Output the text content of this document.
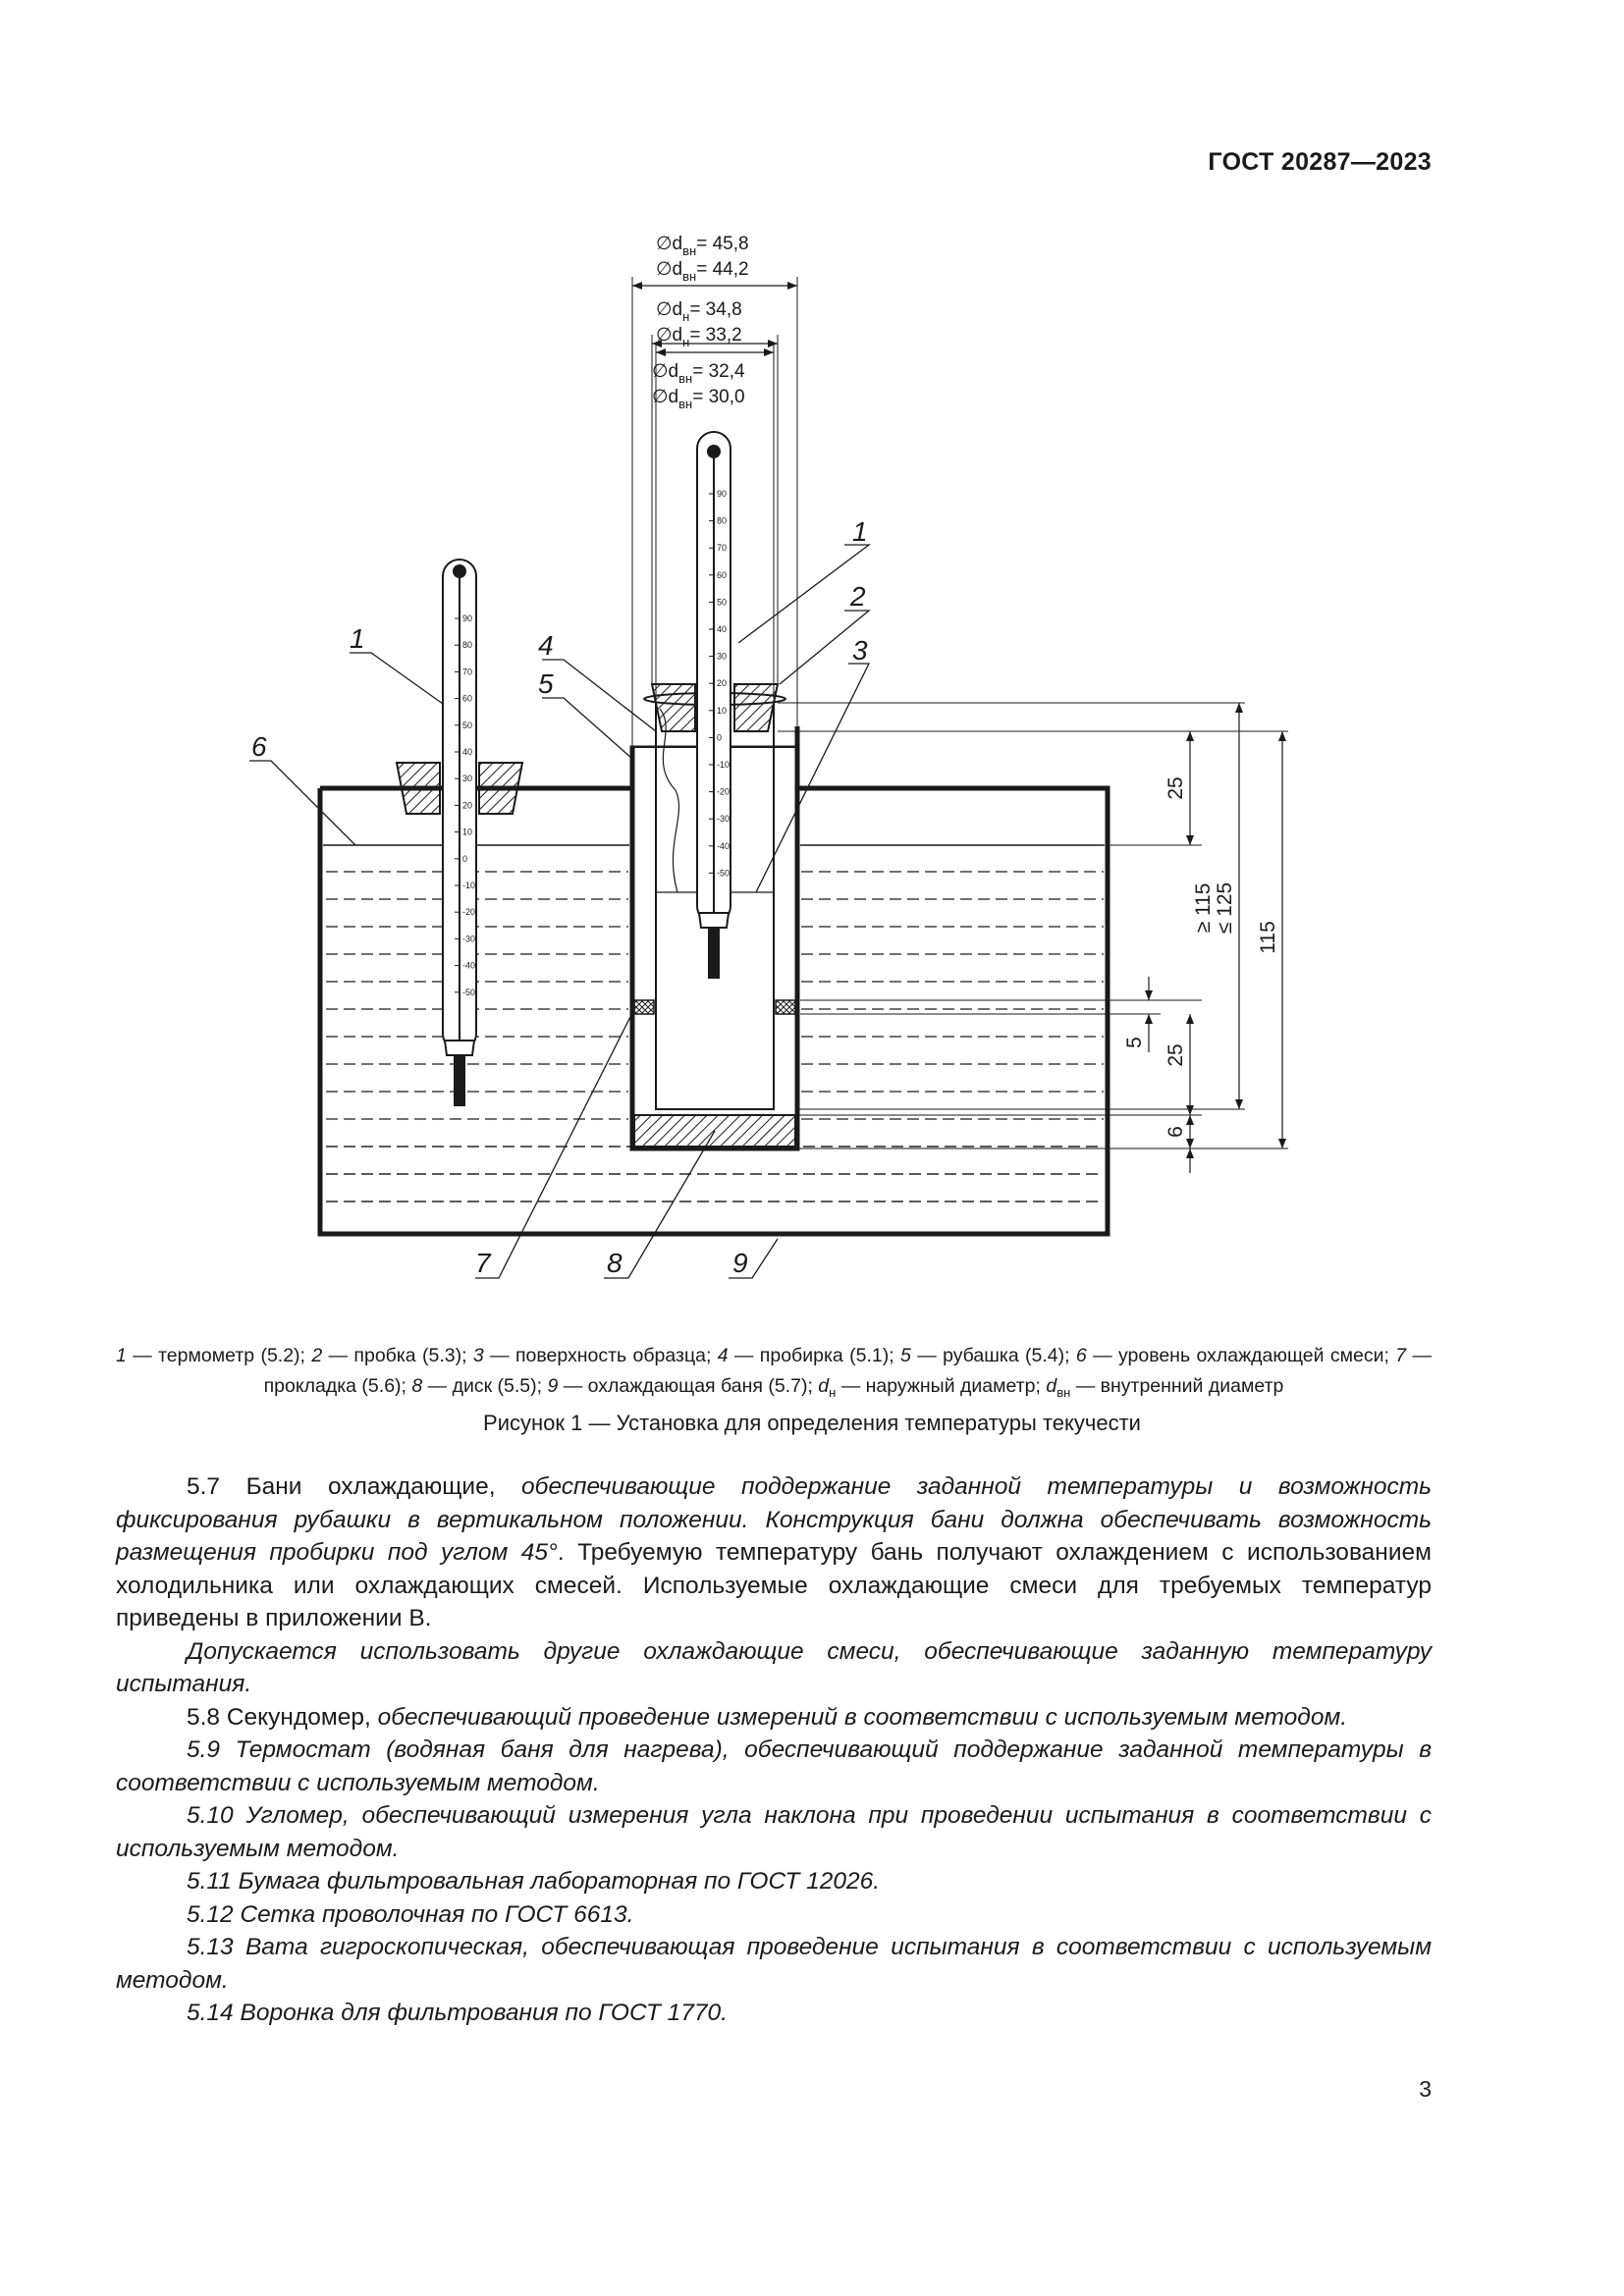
ГОСТ 20287—2023
90
80
70
60
50
40
30
20
10
0
-10
-20
-30
-40
-50
90
80
70
60
50
40
30
20
10
0
-10
-20
-30
-40
-50
$\emptyset d_{вн}= 45,8$
$\emptyset d_{вн}= 44,2$
$\emptyset d_н= 34,8$
$\emptyset d_н= 33,2$
$\emptyset d_{вн}= 32,4$
$\emptyset d_{вн}= 30,0$
25
≥ 115 ≤ 125
115
5
25
6
1
2
3
4
5
6
1
7	8	9
1 — термометр (5.2); 2 — пробка (5.3); 3 — поверхность образца; 4 — пробирка (5.1); 5 — рубашка (5.4); 6 — уровень охлаждающей смеси; 7 — прокладка (5.6); 8 — диск (5.5); 9 — охлаждающая баня (5.7); $d_н$ — наружный диаметр; $d_{вн}$ — внутренний диаметр
Рисунок 1 — Установка для определения температуры текучести

5.7 Бани охлаждающие, обеспечивающие поддержание заданной температуры и возможность фиксирования рубашки в вертикальном положении. Конструкция бани должна обеспечивать возможность размещения пробирки под углом 45°. Требуемую температуру бань получают охлаждением с использованием холодильника или охлаждающих смесей. Используемые охлаждающие смеси для требуемых температур приведены в приложении В.

Допускается использовать другие охлаждающие смеси, обеспечивающие заданную температуру испытания.

5.8 Секундомер, обеспечивающий проведение измерений в соответствии с используемым методом.

5.9 Термостат (водяная баня для нагрева), обеспечивающий поддержание заданной температуры в соответствии с используемым методом.

5.10 Угломер, обеспечивающий измерения угла наклона при проведении испытания в соответствии с используемым методом.

5.11 Бумага фильтровальная лабораторная по ГОСТ 12026.

5.12 Сетка проволочная по ГОСТ 6613.

5.13 Вата гигроскопическая, обеспечивающая проведение испытания в соответствии с используемым методом.

5.14 Воронка для фильтрования по ГОСТ 1770.

3
